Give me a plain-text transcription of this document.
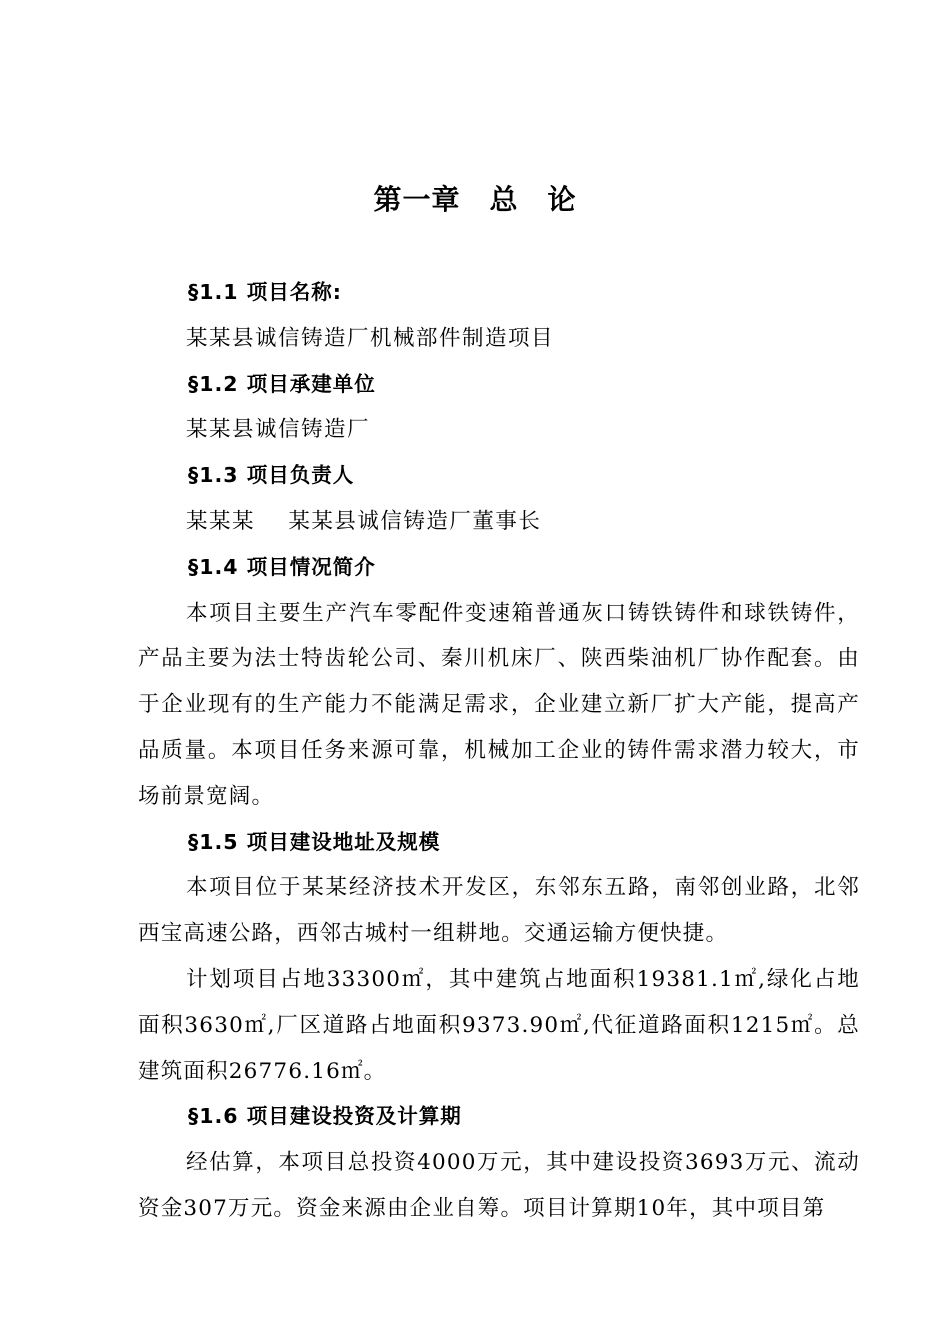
第一章　总　论

§1.1 项目名称:

某某县诚信铸造厂机械部件制造项目

§1.2 项目承建单位

某某县诚信铸造厂

§1.3 项目负责人

某某某    某某县诚信铸造厂董事长

§1.4 项目情况简介

本项目主要生产汽车零配件变速箱普通灰口铸铁铸件和球铁铸件，产品主要为法士特齿轮公司、秦川机床厂、陕西柴油机厂协作配套。由于企业现有的生产能力不能满足需求，企业建立新厂扩大产能，提高产品质量。本项目任务来源可靠，机械加工企业的铸件需求潜力较大，市场前景宽阔。

§1.5 项目建设地址及规模

本项目位于某某经济技术开发区，东邻东五路，南邻创业路，北邻西宝高速公路，西邻古城村一组耕地。交通运输方便快捷。

计划项目占地33300㎡，其中建筑占地面积19381.1㎡,绿化占地面积3630㎡,厂区道路占地面积9373.90㎡,代征道路面积1215㎡。总建筑面积26776.16㎡。

§1.6 项目建设投资及计算期

经估算，本项目总投资4000万元，其中建设投资3693万元、流动资金307万元。资金来源由企业自筹。项目计算期10年，其中项目第
